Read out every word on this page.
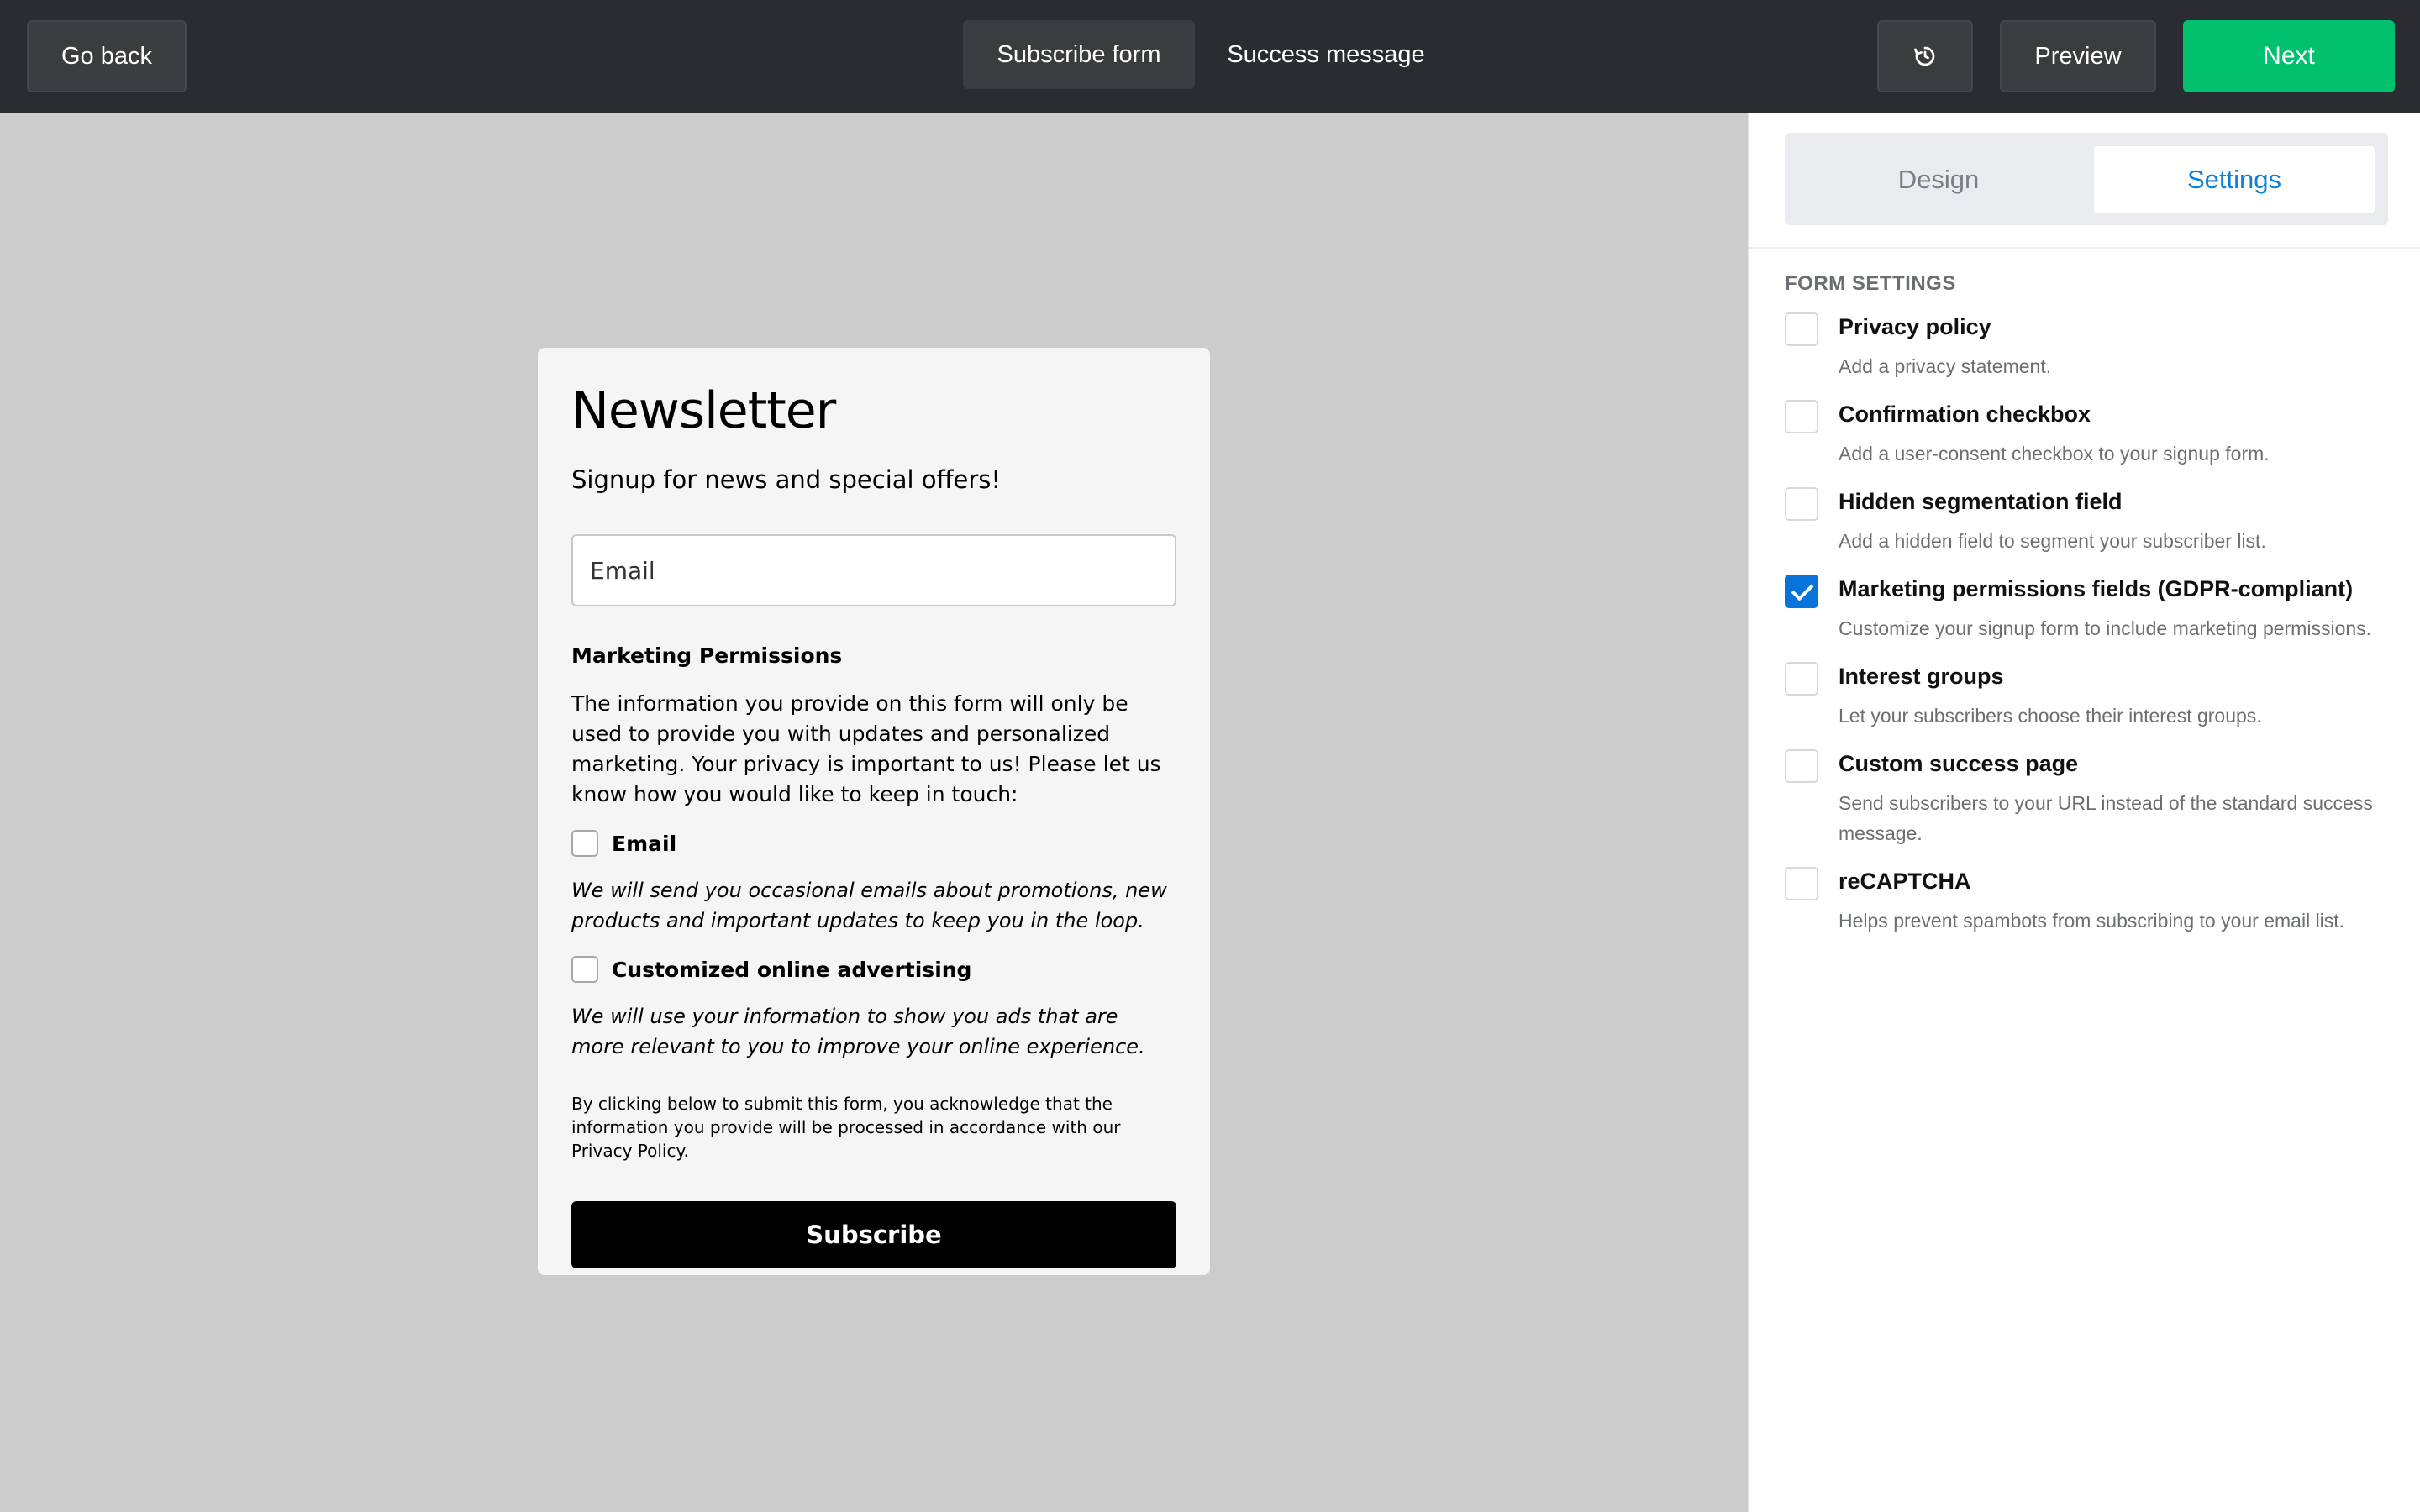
Go back	Subscribe form	Success message	Preview	Next
Newsletter
Signup for news and special offers!
Email
Marketing Permissions
The information you provide on this form will only be used to provide you with updates and personalized marketing. Your privacy is important to us! Please let us know how you would like to keep in touch:
Email
We will send you occasional emails about promotions, new products and important updates to keep you in the loop.
Customized online advertising
We will use your information to show you ads that are more relevant to you to improve your online experience.
By clicking below to submit this form, you acknowledge that the information you provide will be processed in accordance with our Privacy Policy.
Subscribe
Design	Settings
FORM SETTINGS
Privacy policy
Add a privacy statement.
Confirmation checkbox
Add a user-consent checkbox to your signup form.
Hidden segmentation field
Add a hidden field to segment your subscriber list.
Marketing permissions fields (GDPR-compliant)
Customize your signup form to include marketing permissions.
Interest groups
Let your subscribers choose their interest groups.
Custom success page
Send subscribers to your URL instead of the standard success message.
reCAPTCHA
Helps prevent spambots from subscribing to your email list.
